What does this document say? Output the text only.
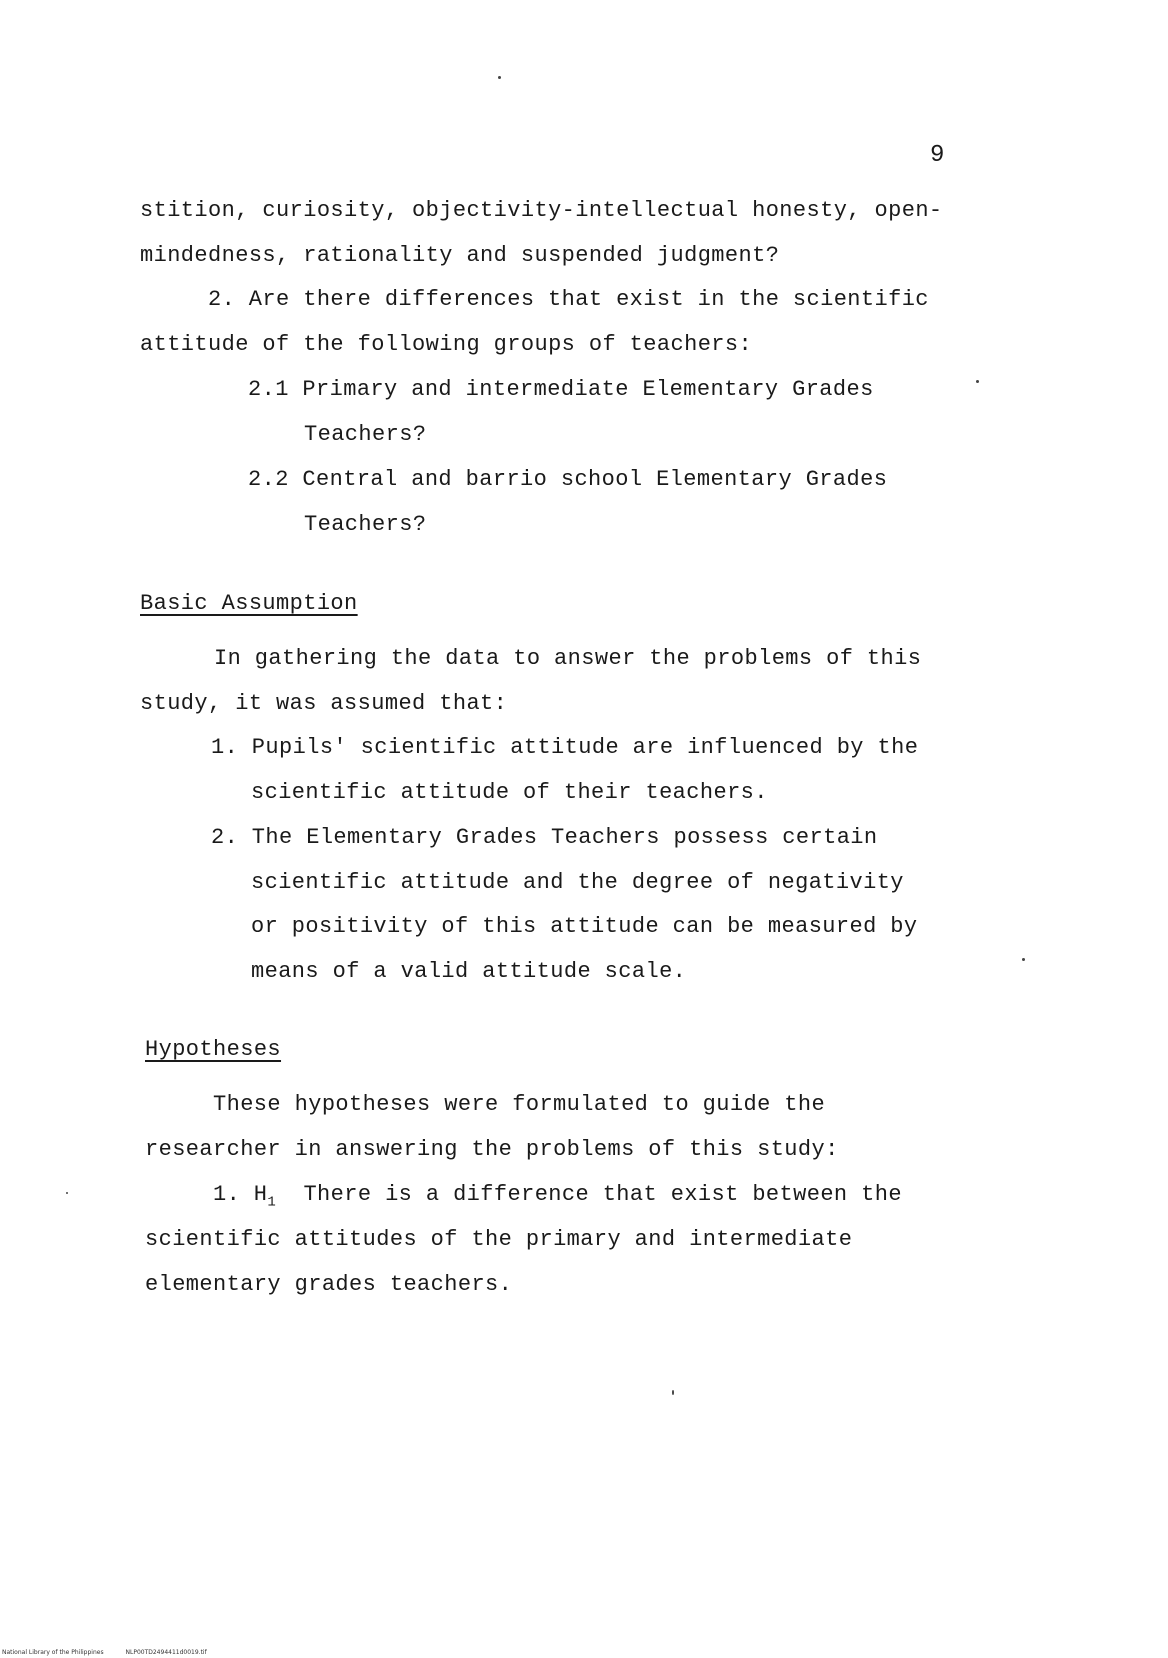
9
stition, curiosity, objectivity-intellectual honesty, open-
mindedness, rationality and suspended judgment?
2. Are there differences that exist in the scientific
attitude of the following groups of teachers:
2.1 Primary and intermediate Elementary Grades
Teachers?
2.2 Central and barrio school Elementary Grades
Teachers?
Basic Assumption
In gathering the data to answer the problems of this
study, it was assumed that:
1. Pupils' scientific attitude are influenced by the
scientific attitude of their teachers.
2. The Elementary Grades Teachers possess certain
scientific attitude and the degree of negativity
or positivity of this attitude can be measured by
means of a valid attitude scale.
Hypotheses
These hypotheses were formulated to guide the
researcher in answering the problems of this study:
1. $H_1$ There is a difference that exist between the
scientific attitudes of the primary and intermediate
elementary grades teachers.
National Library of the Philippines	NLP00TD2494411d0019.tif
